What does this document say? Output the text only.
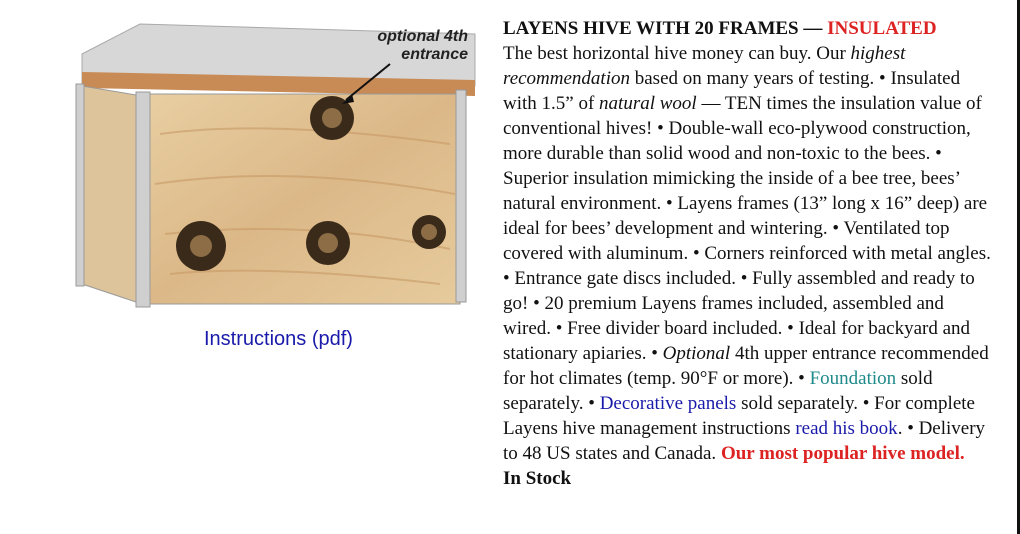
optional 4th
entrance
Instructions (pdf)
LAYENS HIVE WITH 20 FRAMES — INSULATED
The best horizontal hive money can buy. Our highest recommendation based on many years of testing. • Insulated with 1.5” of natural wool — TEN times the insulation value of conventional hives! • Double-wall eco-plywood construction, more durable than solid wood and non-toxic to the bees. • Superior insulation mimicking the inside of a bee tree, bees’ natural environment. • Layens frames (13” long x 16” deep) are ideal for bees’ development and wintering. • Ventilated top covered with aluminum. • Corners reinforced with metal angles. • Entrance gate discs included. • Fully assembled and ready to go! • 20 premium Layens frames included, assembled and wired. • Free divider board included. • Ideal for backyard and stationary apiaries. • Optional 4th upper entrance recommended for hot climates (temp. 90°F or more). • Foundation sold separately. • Decorative panels sold separately. • For complete Layens hive management instructions read his book. • Delivery to 48 US states and Canada. Our most popular hive model.
In Stock
